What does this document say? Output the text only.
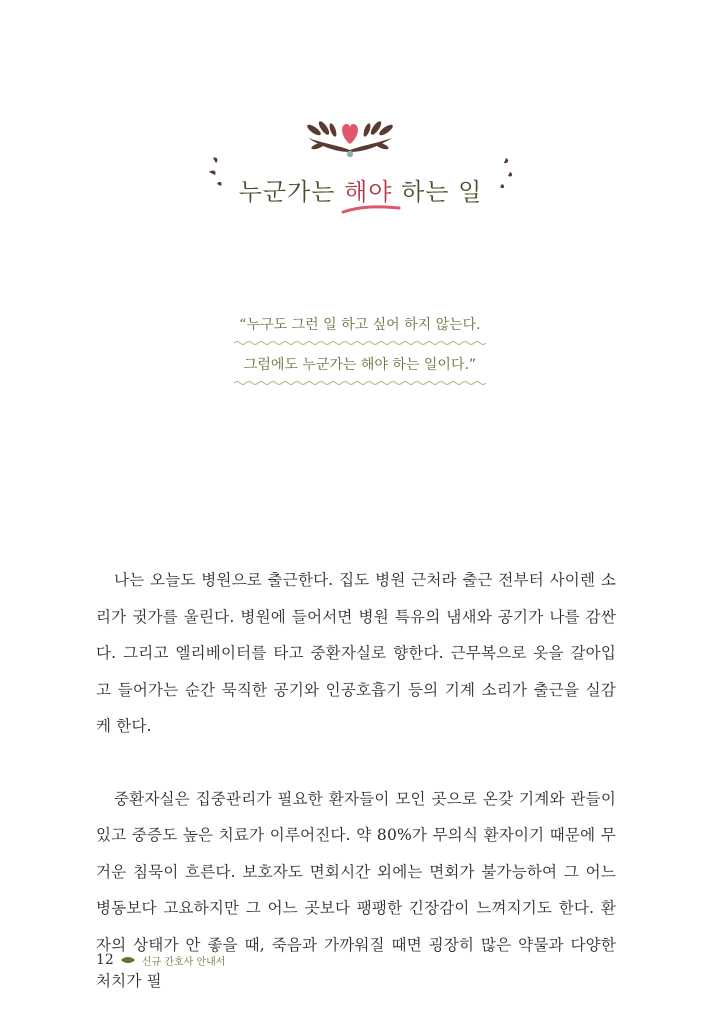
누군가는 해야 하는 일
“누구도 그런 일 하고 싶어 하지 않는다.
그럼에도 누군가는 해야 하는 일이다.”

나는 오늘도 병원으로 출근한다. 집도 병원 근처라 출근 전부터 사이렌 소리가 귓가를 울린다. 병원에 들어서면 병원 특유의 냄새와 공기가 나를 감싼다. 그리고 엘리베이터를 타고 중환자실로 향한다. 근무복으로 옷을 갈아입고 들어가는 순간 묵직한 공기와 인공호흡기 등의 기계 소리가 출근을 실감케 한다.

중환자실은 집중관리가 필요한 환자들이 모인 곳으로 온갖 기계와 관들이 있고 중증도 높은 치료가 이루어진다. 약 80%가 무의식 환자이기 때문에 무거운 침묵이 흐른다. 보호자도 면회시간 외에는 면회가 불가능하여 그 어느 병동보다 고요하지만 그 어느 곳보다 팽팽한 긴장감이 느껴지기도 한다. 환자의 상태가 안 좋을 때, 죽음과 가까워질 때면 굉장히 많은 약물과 다양한 처치가 필

12	신규 간호사 안내서
